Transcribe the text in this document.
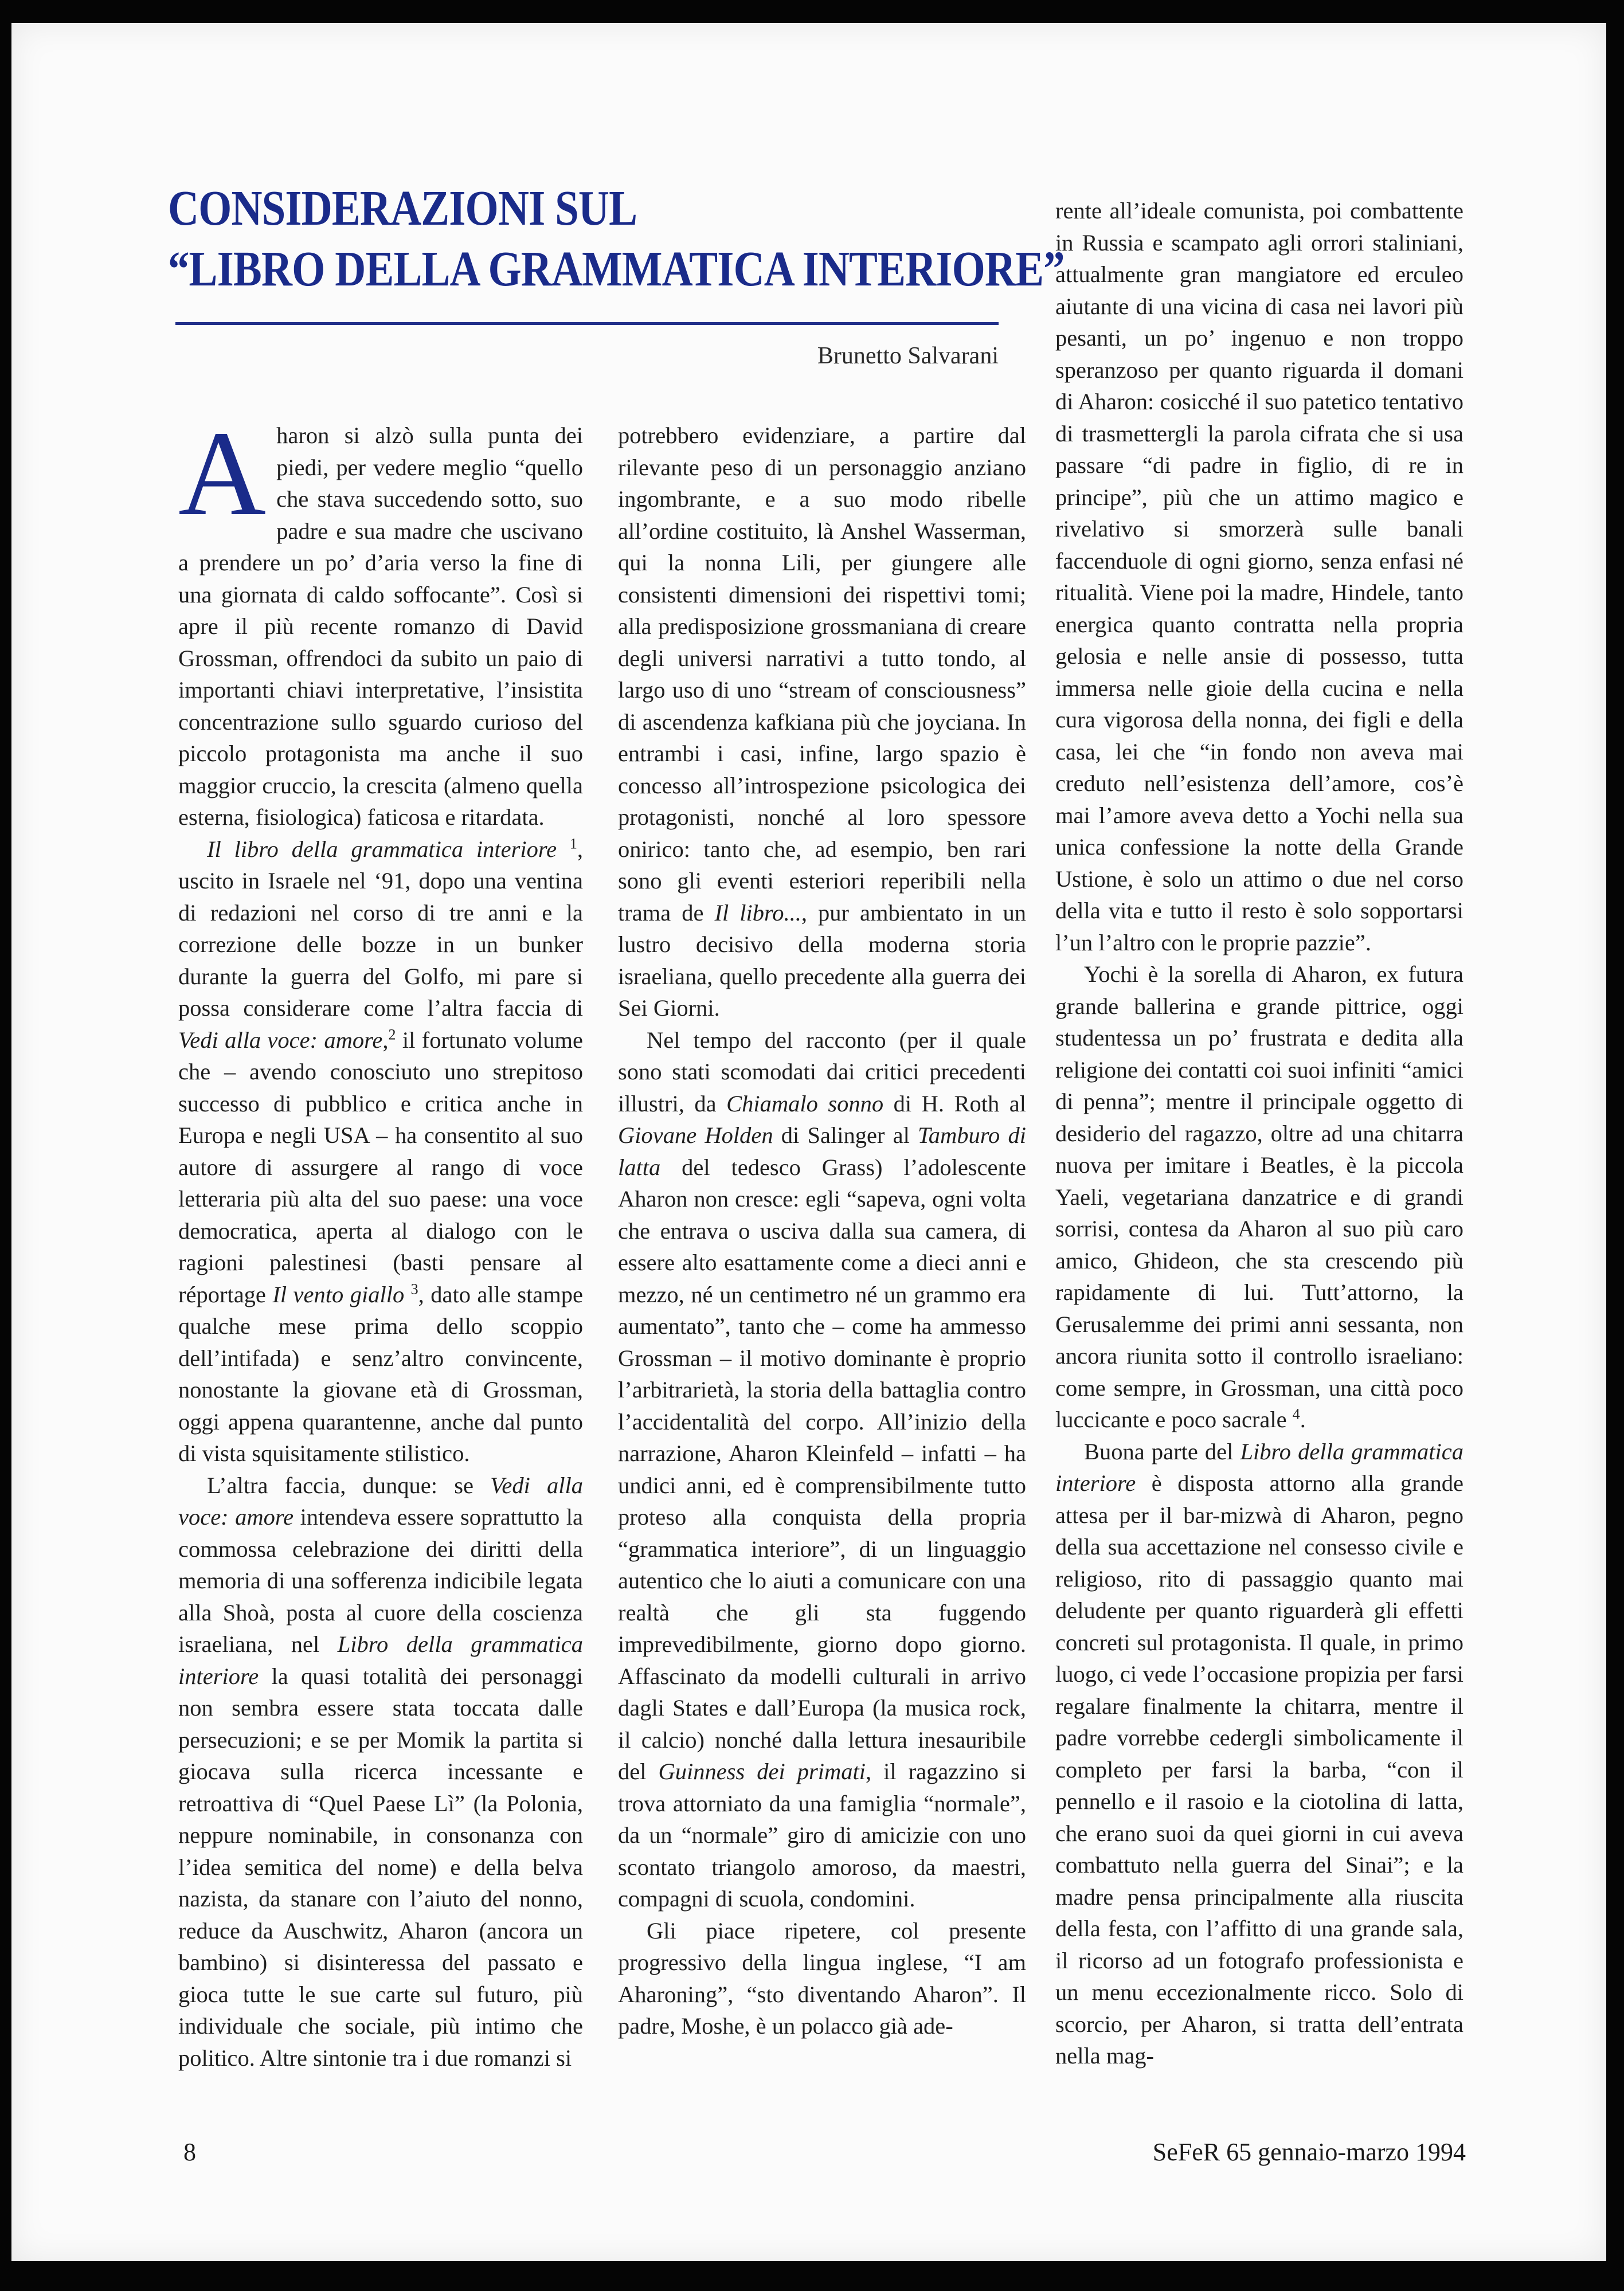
CONSIDERAZIONI SUL
“LIBRO DELLA GRAMMATICA INTERIORE”
Brunetto Salvarani

Aharon si alzò sulla punta dei piedi, per vedere meglio “quello che stava succedendo sotto, suo padre e sua madre che uscivano a prendere un po’ d’aria verso la fine di una giornata di caldo soffocante”. Così si apre il più recente romanzo di David Grossman, offrendoci da subito un paio di importanti chiavi interpretative, l’insistita concentrazione sullo sguardo curioso del piccolo protagonista ma anche il suo maggior cruccio, la crescita (almeno quella esterna, fisiologica) faticosa e ritardata.

Il libro della grammatica interiore $^1$, uscito in Israele nel ‘91, dopo una ventina di redazioni nel corso di tre anni e la correzione delle bozze in un bunker durante la guerra del Golfo, mi pare si possa considerare come l’altra faccia di Vedi alla voce: amore,$^2$ il fortunato volume che – avendo conosciuto uno strepitoso successo di pubblico e critica anche in Europa e negli USA – ha consentito al suo autore di assurgere al rango di voce letteraria più alta del suo paese: una voce democratica, aperta al dialogo con le ragioni palestinesi (basti pensare al réportage Il vento giallo $^3$, dato alle stampe qualche mese prima dello scoppio dell’intifada) e senz’altro convincente, nonostante la giovane età di Grossman, oggi appena quarantenne, anche dal punto di vista squisitamente stilistico.

L’altra faccia, dunque: se Vedi alla voce: amore intendeva essere soprattutto la commossa celebrazione dei diritti della memoria di una sofferenza indicibile legata alla Shoà, posta al cuore della coscienza israeliana, nel Libro della grammatica interiore la quasi totalità dei personaggi non sembra essere stata toccata dalle persecuzioni; e se per Momik la partita si giocava sulla ricerca incessante e retroattiva di “Quel Paese Lì” (la Polonia, neppure nominabile, in consonanza con l’idea semitica del nome) e della belva nazista, da stanare con l’aiuto del nonno, reduce da Auschwitz, Aharon (ancora un bambino) si disinteressa del passato e gioca tutte le sue carte sul futuro, più individuale che sociale, più intimo che politico. Altre sintonie tra i due romanzi si

potrebbero evidenziare, a partire dal rilevante peso di un personaggio anziano ingombrante, e a suo modo ribelle all’ordine costituito, là Anshel Wasserman, qui la nonna Lili, per giungere alle consistenti dimensioni dei rispettivi tomi; alla predisposizione grossmaniana di creare degli universi narrativi a tutto tondo, al largo uso di uno “stream of consciousness” di ascendenza kafkiana più che joyciana. In entrambi i casi, infine, largo spazio è concesso all’introspezione psicologica dei protagonisti, nonché al loro spessore onirico: tanto che, ad esempio, ben rari sono gli eventi esteriori reperibili nella trama de Il libro..., pur ambientato in un lustro decisivo della moderna storia israeliana, quello precedente alla guerra dei Sei Giorni.

Nel tempo del racconto (per il quale sono stati scomodati dai critici precedenti illustri, da Chiamalo sonno di H. Roth al Giovane Holden di Salinger al Tamburo di latta del tedesco Grass) l’adolescente Aharon non cresce: egli “sapeva, ogni volta che entrava o usciva dalla sua camera, di essere alto esattamente come a dieci anni e mezzo, né un centimetro né un grammo era aumentato”, tanto che – come ha ammesso Grossman – il motivo dominante è proprio l’arbitrarietà, la storia della battaglia contro l’accidentalità del corpo. All’inizio della narrazione, Aharon Kleinfeld – infatti – ha undici anni, ed è comprensibilmente tutto proteso alla conquista della propria “grammatica interiore”, di un linguaggio autentico che lo aiuti a comunicare con una realtà che gli sta fuggendo imprevedibilmente, giorno dopo giorno. Affascinato da modelli culturali in arrivo dagli States e dall’Europa (la musica rock, il calcio) nonché dalla lettura inesauribile del Guinness dei primati, il ragazzino si trova attorniato da una famiglia “normale”, da un “normale” giro di amicizie con uno scontato triangolo amoroso, da maestri, compagni di scuola, condomini.

Gli piace ripetere, col presente progressivo della lingua inglese, “I am Aharoning”, “sto diventando Aharon”. Il padre, Moshe, è un polacco già ade-

rente all’ideale comunista, poi combattente in Russia e scampato agli orrori staliniani, attualmente gran mangiatore ed erculeo aiutante di una vicina di casa nei lavori più pesanti, un po’ ingenuo e non troppo speranzoso per quanto riguarda il domani di Aharon: cosicché il suo patetico tentativo di trasmettergli la parola cifrata che si usa passare “di padre in figlio, di re in principe”, più che un attimo magico e rivelativo si smorzerà sulle banali faccenduole di ogni giorno, senza enfasi né ritualità. Viene poi la madre, Hindele, tanto energica quanto contratta nella propria gelosia e nelle ansie di possesso, tutta immersa nelle gioie della cucina e nella cura vigorosa della nonna, dei figli e della casa, lei che “in fondo non aveva mai creduto nell’esistenza dell’amore, cos’è mai l’amore aveva detto a Yochi nella sua unica confessione la notte della Grande Ustione, è solo un attimo o due nel corso della vita e tutto il resto è solo sopportarsi l’un l’altro con le proprie pazzie”.

Yochi è la sorella di Aharon, ex futura grande ballerina e grande pittrice, oggi studentessa un po’ frustrata e dedita alla religione dei contatti coi suoi infiniti “amici di penna”; mentre il principale oggetto di desiderio del ragazzo, oltre ad una chitarra nuova per imitare i Beatles, è la piccola Yaeli, vegetariana danzatrice e di grandi sorrisi, contesa da Aharon al suo più caro amico, Ghideon, che sta crescendo più rapidamente di lui. Tutt’attorno, la Gerusalemme dei primi anni sessanta, non ancora riunita sotto il controllo israeliano: come sempre, in Grossman, una città poco luccicante e poco sacrale $^4$.

Buona parte del Libro della grammatica interiore è disposta attorno alla grande attesa per il bar-mizwà di Aharon, pegno della sua accettazione nel consesso civile e religioso, rito di passaggio quanto mai deludente per quanto riguarderà gli effetti concreti sul protagonista. Il quale, in primo luogo, ci vede l’occasione propizia per farsi regalare finalmente la chitarra, mentre il padre vorrebbe cedergli simbolicamente il completo per farsi la barba, “con il pennello e il rasoio e la ciotolina di latta, che erano suoi da quei giorni in cui aveva combattuto nella guerra del Sinai”; e la madre pensa principalmente alla riuscita della festa, con l’affitto di una grande sala, il ricorso ad un fotografo professionista e un menu eccezionalmente ricco. Solo di scorcio, per Aharon, si tratta dell’entrata nella mag-

8	SeFeR 65 gennaio-marzo 1994
